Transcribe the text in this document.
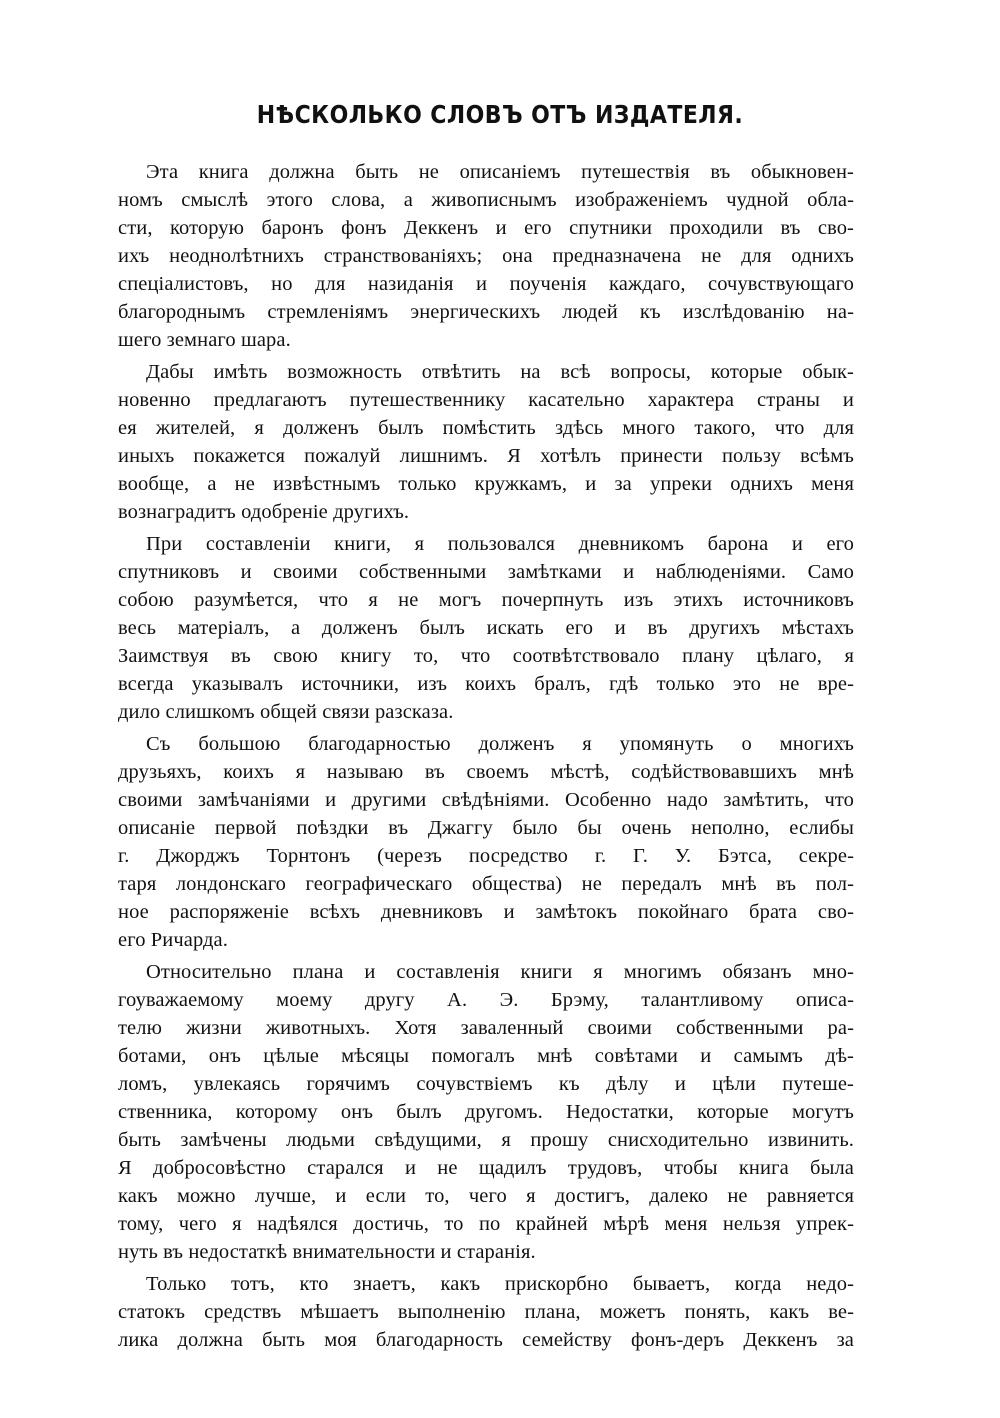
НѢСКОЛЬКО СЛОВЪ ОТЪ ИЗДАТЕЛЯ.
Эта книга должна быть не описаніемъ путешествія въ обыкновен-
номъ смыслѣ этого слова, а живописнымъ изображеніемъ чудной обла-
сти, которую баронъ фонъ Деккенъ и его спутники проходили въ сво-
ихъ неоднолѣтнихъ странствованіяхъ; она предназначена не для однихъ
спеціалистовъ, но для назиданія и поученія каждаго, сочувствующаго
благороднымъ стремленіямъ энергическихъ людей къ изслѣдованію на-
шего земнаго шара.
Дабы имѣть возможность отвѣтить на всѣ вопросы, которые обык-
новенно предлагаютъ путешественнику касательно характера страны и
ея жителей, я долженъ былъ помѣстить здѣсь много такого, что для
иныхъ покажется пожалуй лишнимъ. Я хотѣлъ принести пользу всѣмъ
вообще, а не извѣстнымъ только кружкамъ, и за упреки однихъ меня
вознаградитъ одобреніе другихъ.
При составленіи книги, я пользовался дневникомъ барона и его
спутниковъ и своими собственными замѣтками и наблюденіями. Само
собою разумѣется, что я не могъ почерпнуть изъ этихъ источниковъ
весь матеріалъ, а долженъ былъ искать его и въ другихъ мѣстахъ
Заимствуя въ свою книгу то, что соотвѣтствовало плану цѣлаго, я
всегда указывалъ источники, изъ коихъ бралъ, гдѣ только это не вре-
дило слишкомъ общей связи разсказа.
Съ большою благодарностью долженъ я упомянуть о многихъ
друзьяхъ, коихъ я называю въ своемъ мѣстѣ, содѣйствовавшихъ мнѣ
своими замѣчаніями и другими свѣдѣніями. Особенно надо замѣтить, что
описаніе первой поѣздки въ Джаггу было бы очень неполно, еслибы
г. Джорджъ Торнтонъ (черезъ посредство г. Г. У. Бэтса, секре-
таря лондонскаго географическаго общества) не передалъ мнѣ въ пол-
ное распоряженіе всѣхъ дневниковъ и замѣтокъ покойнаго брата сво-
его Ричарда.
Относительно плана и составленія книги я многимъ обязанъ мно-
гоуважаемому моему другу А. Э. Брэму, талантливому описа-
телю жизни животныхъ. Хотя заваленный своими собственными ра-
ботами, онъ цѣлые мѣсяцы помогалъ мнѣ совѣтами и самымъ дѣ-
ломъ, увлекаясь горячимъ сочувствіемъ къ дѣлу и цѣли путеше-
ственника, которому онъ былъ другомъ. Недостатки, которые могутъ
быть замѣчены людьми свѣдущими, я прошу снисходительно извинить.
Я добросовѣстно старался и не щадилъ трудовъ, чтобы книга была
какъ можно лучше, и если то, чего я достигъ, далеко не равняется
тому, чего я надѣялся достичь, то по крайней мѣрѣ меня нельзя упрек-
нуть въ недостаткѣ внимательности и старанія.
Только тотъ, кто знаетъ, какъ прискорбно бываетъ, когда недо-
статокъ средствъ мѣшаетъ выполненію плана, можетъ понять, какъ ве-
лика должна быть моя благодарность семейству фонъ-деръ Деккенъ за
